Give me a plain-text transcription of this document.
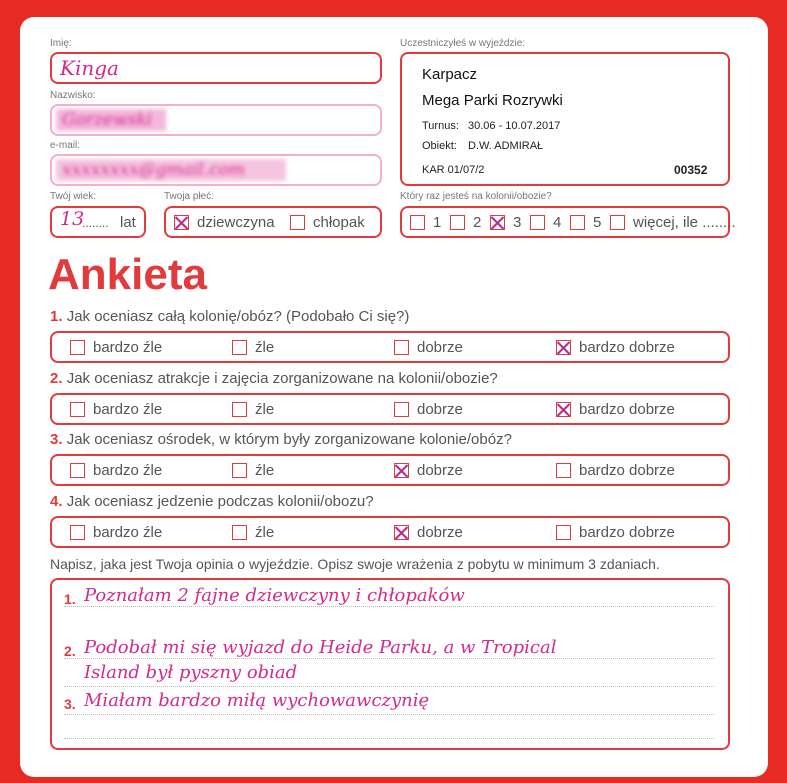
Imię:
Kinga
Nazwisko:
Gorzewski
e-mail:
xxxxxxxx@gmail.com
Twój wiek:
13
........ lat
Twoja płeć:
dziewczyna	chłopak
Uczestniczyłeś w wyjeździe:
Karpacz
Mega Parki Rozrywki
Turnus: 30.06 - 10.07.2017
Obiekt: D.W. ADMIRAŁ
KAR 01/07/2	00352
Który raz jesteś na kolonii/obozie?
1 2 3 4 5 więcej, ile ........
Ankieta
1. Jak oceniasz całą kolonię/obóz? (Podobało Ci się?)
bardzo źle	źle	dobrze	bardzo dobrze
2. Jak oceniasz atrakcje i zajęcia zorganizowane na kolonii/obozie?
bardzo źle	źle	dobrze	bardzo dobrze
3. Jak oceniasz ośrodek, w którym były zorganizowane kolonie/obóz?
bardzo źle	źle	dobrze	bardzo dobrze
4. Jak oceniasz jedzenie podczas kolonii/obozu?
bardzo źle	źle	dobrze	bardzo dobrze
Napisz, jaka jest Twoja opinia o wyjeździe. Opisz swoje wrażenia z pobytu w minimum 3 zdaniach.
1. Poznałam 2 fajne dziewczyny i chłopaków
2. Podobał mi się wyjazd do Heide Parku, a w Tropical
Island był pyszny obiad
3. Miałam bardzo miłą wychowawczynię
